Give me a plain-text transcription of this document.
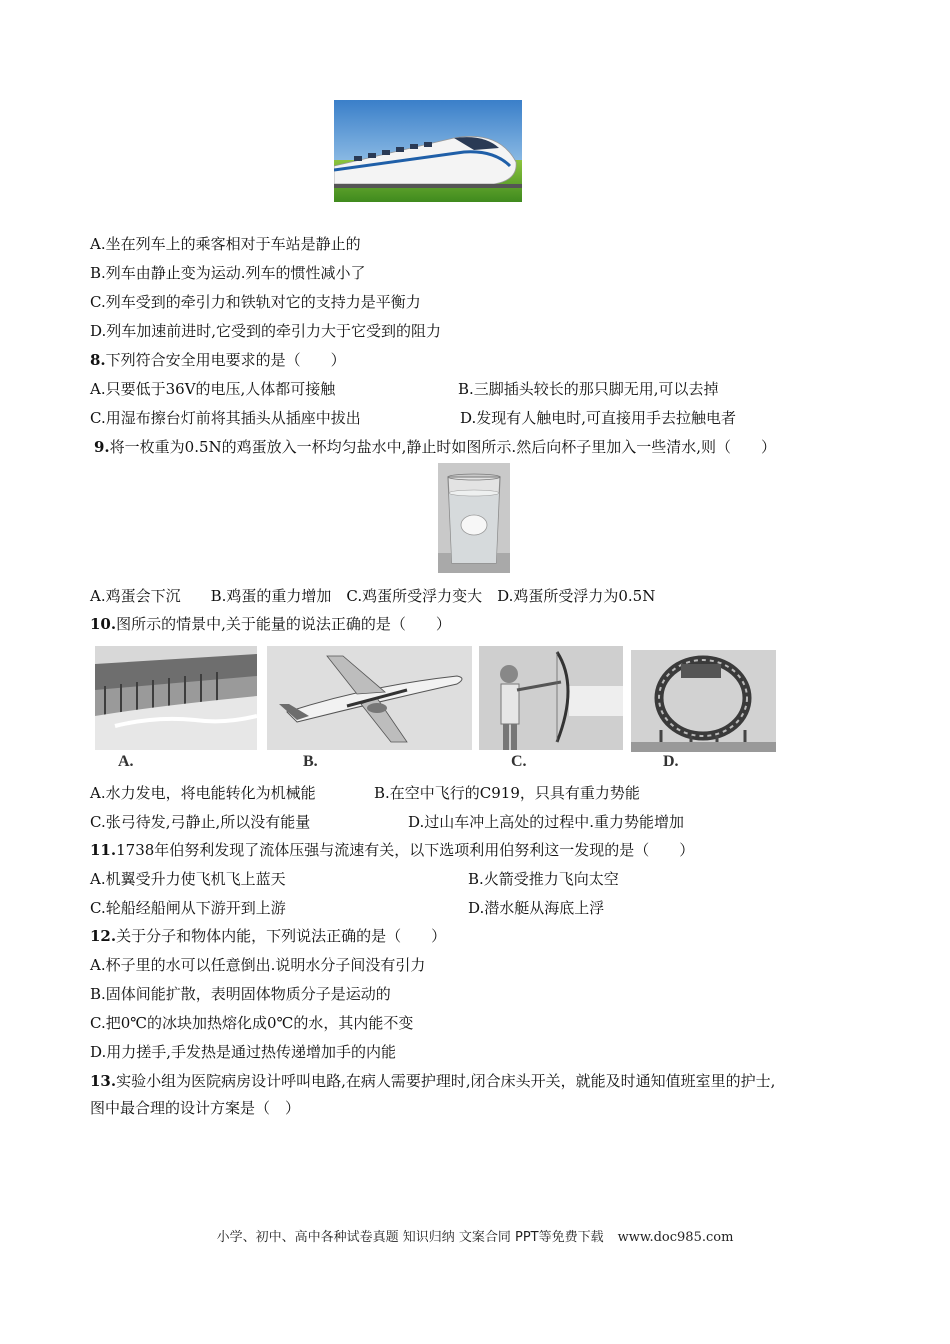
A.坐在列车上的乘客相对于车站是静止的
B.列车由静止变为运动.列车的惯性减小了
C.列车受到的牵引力和铁轨对它的支持力是平衡力
D.列车加速前进时,它受到的牵引力大于它受到的阻力
8.下列符合安全用电要求的是（　　）
A.只要低于36V的电压,人体都可接触	B.三脚插头较长的那只脚无用,可以去掉
C.用湿布擦台灯前将其插头从插座中拔出	D.发现有人触电时,可直接用手去拉触电者
9.将一枚重为0.5N的鸡蛋放入一杯均匀盐水中,静止时如图所示.然后向杯子里加入一些清水,则（　　）
A.鸡蛋会下沉　　B.鸡蛋的重力增加　C.鸡蛋所受浮力变大　D.鸡蛋所受浮力为0.5N
10.图所示的情景中,关于能量的说法正确的是（　　）
A.	B.	C.	D.
A.水力发电，将电能转化为机械能	B.在空中飞行的C919，只具有重力势能
C.张弓待发,弓静止,所以没有能量	D.过山车冲上高处的过程中.重力势能增加
11.1738年伯努利发现了流体压强与流速有关，以下选项利用伯努利这一发现的是（　　）
A.机翼受升力使飞机飞上蓝天	B.火箭受推力飞向太空
C.轮船经船闸从下游开到上游	D.潜水艇从海底上浮
12.关于分子和物体内能，下列说法正确的是（　　）
A.杯子里的水可以任意倒出.说明水分子间没有引力
B.固体间能扩散，表明固体物质分子是运动的
C.把0℃的冰块加热熔化成0℃的水，其内能不变
D.用力搓手,手发热是通过热传递增加手的内能
13.实验小组为医院病房设计呼叫电路,在病人需要护理时,闭合床头开关，就能及时通知值班室里的护士,
图中最合理的设计方案是（　）
小学、初中、高中各种试卷真题 知识归纳 文案合同 PPT等免费下载 www.doc985.com
